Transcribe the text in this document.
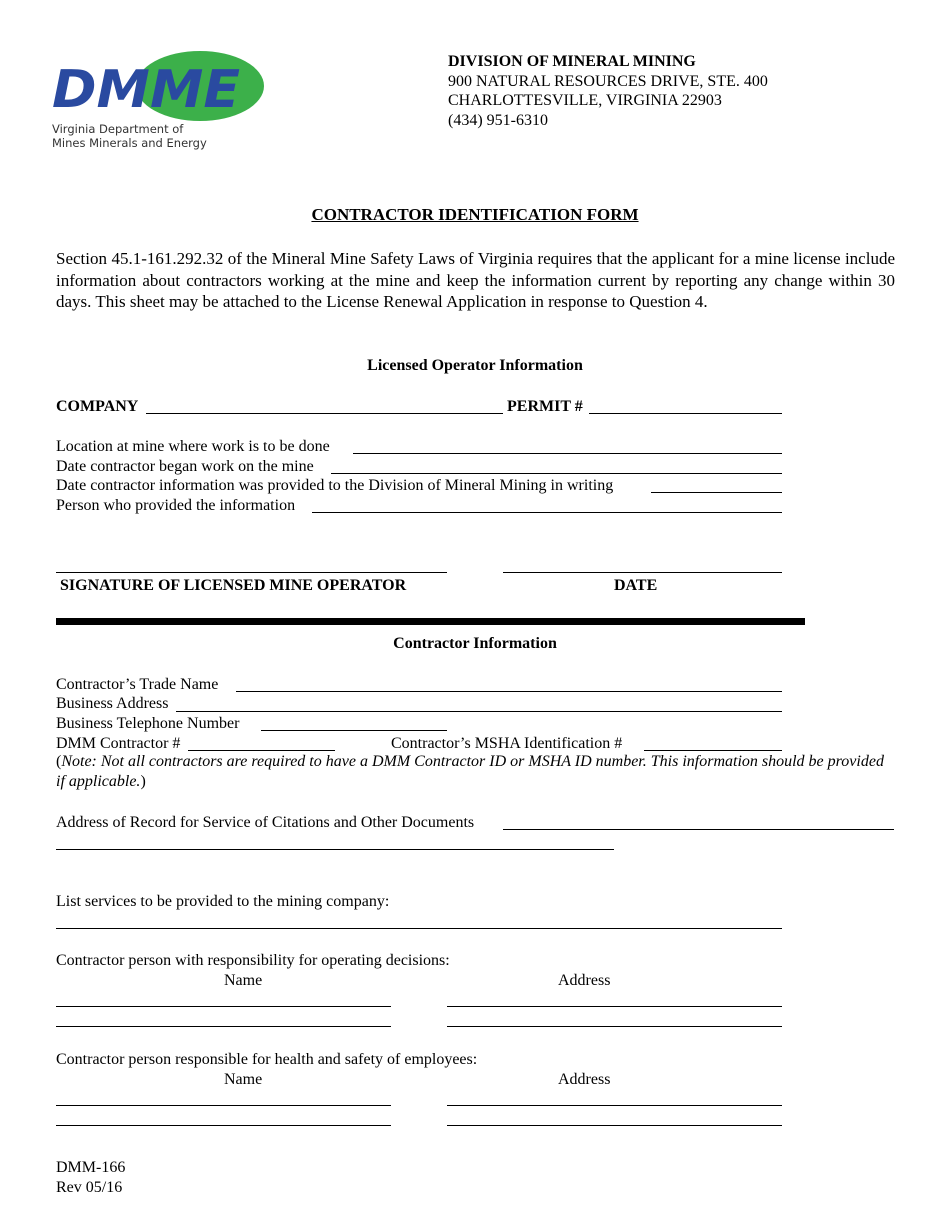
DMME
Virginia Department of
Mines Minerals and Energy
DIVISION OF MINERAL MINING
900 NATURAL RESOURCES DRIVE, STE. 400
CHARLOTTESVILLE, VIRGINIA 22903
(434) 951-6310
CONTRACTOR IDENTIFICATION FORM
Section 45.1-161.292.32 of the Mineral Mine Safety Laws of Virginia requires that the applicant for a mine license include information about contractors working at the mine and keep the information current by reporting any change within 30 days. This sheet may be attached to the License Renewal Application in response to Question 4.
Licensed Operator Information
COMPANY	PERMIT #
Location at mine where work is to be done
Date contractor began work on the mine
Date contractor information was provided to the Division of Mineral Mining in writing
Person who provided the information
SIGNATURE OF LICENSED MINE OPERATOR	DATE
Contractor Information
Contractor’s Trade Name
Business Address
Business Telephone Number
DMM Contractor #	Contractor’s MSHA Identification #
(Note: Not all contractors are required to have a DMM Contractor ID or MSHA ID number. This information should be provided if applicable.)
Address of Record for Service of Citations and Other Documents
List services to be provided to the mining company:
Contractor person with responsibility for operating decisions:
Name	Address
Contractor person responsible for health and safety of employees:
Name	Address
DMM-166
Rev 05/16
